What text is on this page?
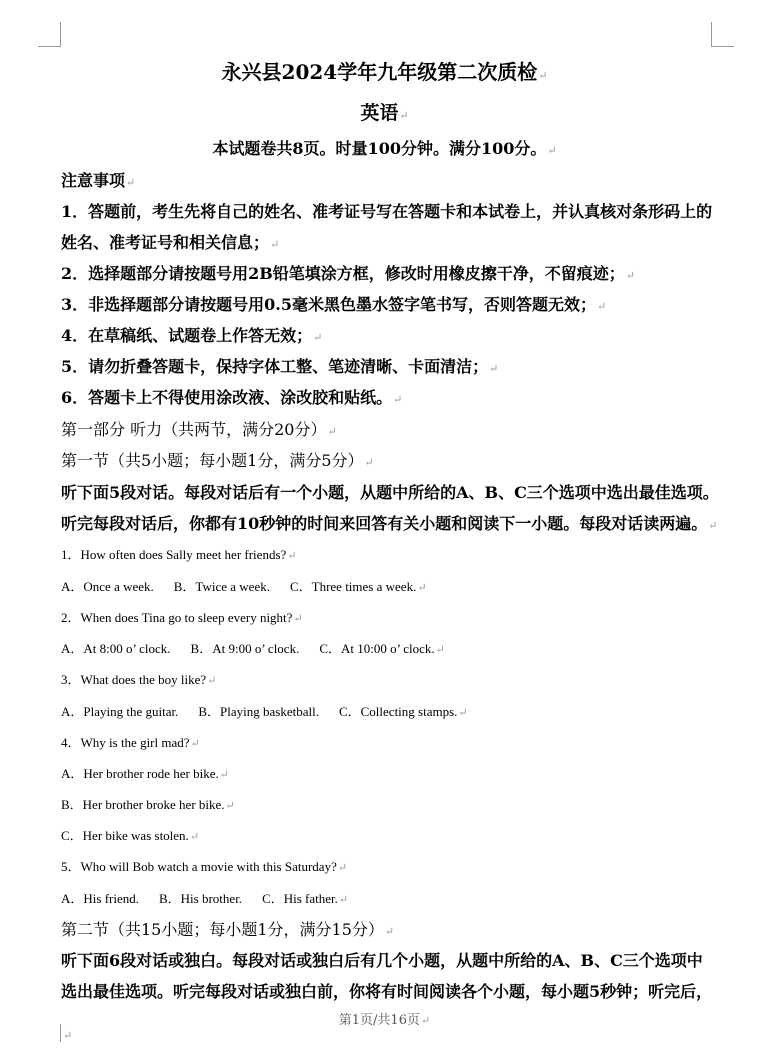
永兴县2024学年九年级第二次质检↵
英语↵
本试题卷共8页。时量100分钟。满分100分。↵
注意事项↵
1．答题前，考生先将自己的姓名、准考证号写在答题卡和本试卷上，并认真核对条形码上的
姓名、准考证号和相关信息；↵
2．选择题部分请按题号用2B铅笔填涂方框，修改时用橡皮擦干净，不留痕迹；↵
3．非选择题部分请按题号用0.5毫米黑色墨水签字笔书写，否则答题无效；↵
4．在草稿纸、试题卷上作答无效；↵
5．请勿折叠答题卡，保持字体工整、笔迹清晰、卡面清洁；↵
6．答题卡上不得使用涂改液、涂改胶和贴纸。↵
第一部分 听力（共两节，满分20分）↵
第一节（共5小题；每小题1分，满分5分）↵
听下面5段对话。每段对话后有一个小题，从题中所给的A、B、C三个选项中选出最佳选项。
听完每段对话后，你都有10秒钟的时间来回答有关小题和阅读下一小题。每段对话读两遍。↵
1．How often does Sally meet her friends?↵
A．Once a week. B．Twice a week. C．Three times a week.↵
2．When does Tina go to sleep every night?↵
A．At 8:00 o’ clock. B．At 9:00 o’ clock. C．At 10:00 o’ clock.↵
3．What does the boy like?↵
A．Playing the guitar. B．Playing basketball. C．Collecting stamps.↵
4．Why is the girl mad?↵
A．Her brother rode her bike.↵
B．Her brother broke her bike.↵
C．Her bike was stolen.↵
5．Who will Bob watch a movie with this Saturday?↵
A．His friend. B．His brother. C．His father.↵
第二节（共15小题；每小题1分，满分15分）↵
听下面6段对话或独白。每段对话或独白后有几个小题，从题中所给的A、B、C三个选项中
选出最佳选项。听完每段对话或独白前，你将有时间阅读各个小题，每小题5秒钟；听完后，
第1页/共16页↵
↵
